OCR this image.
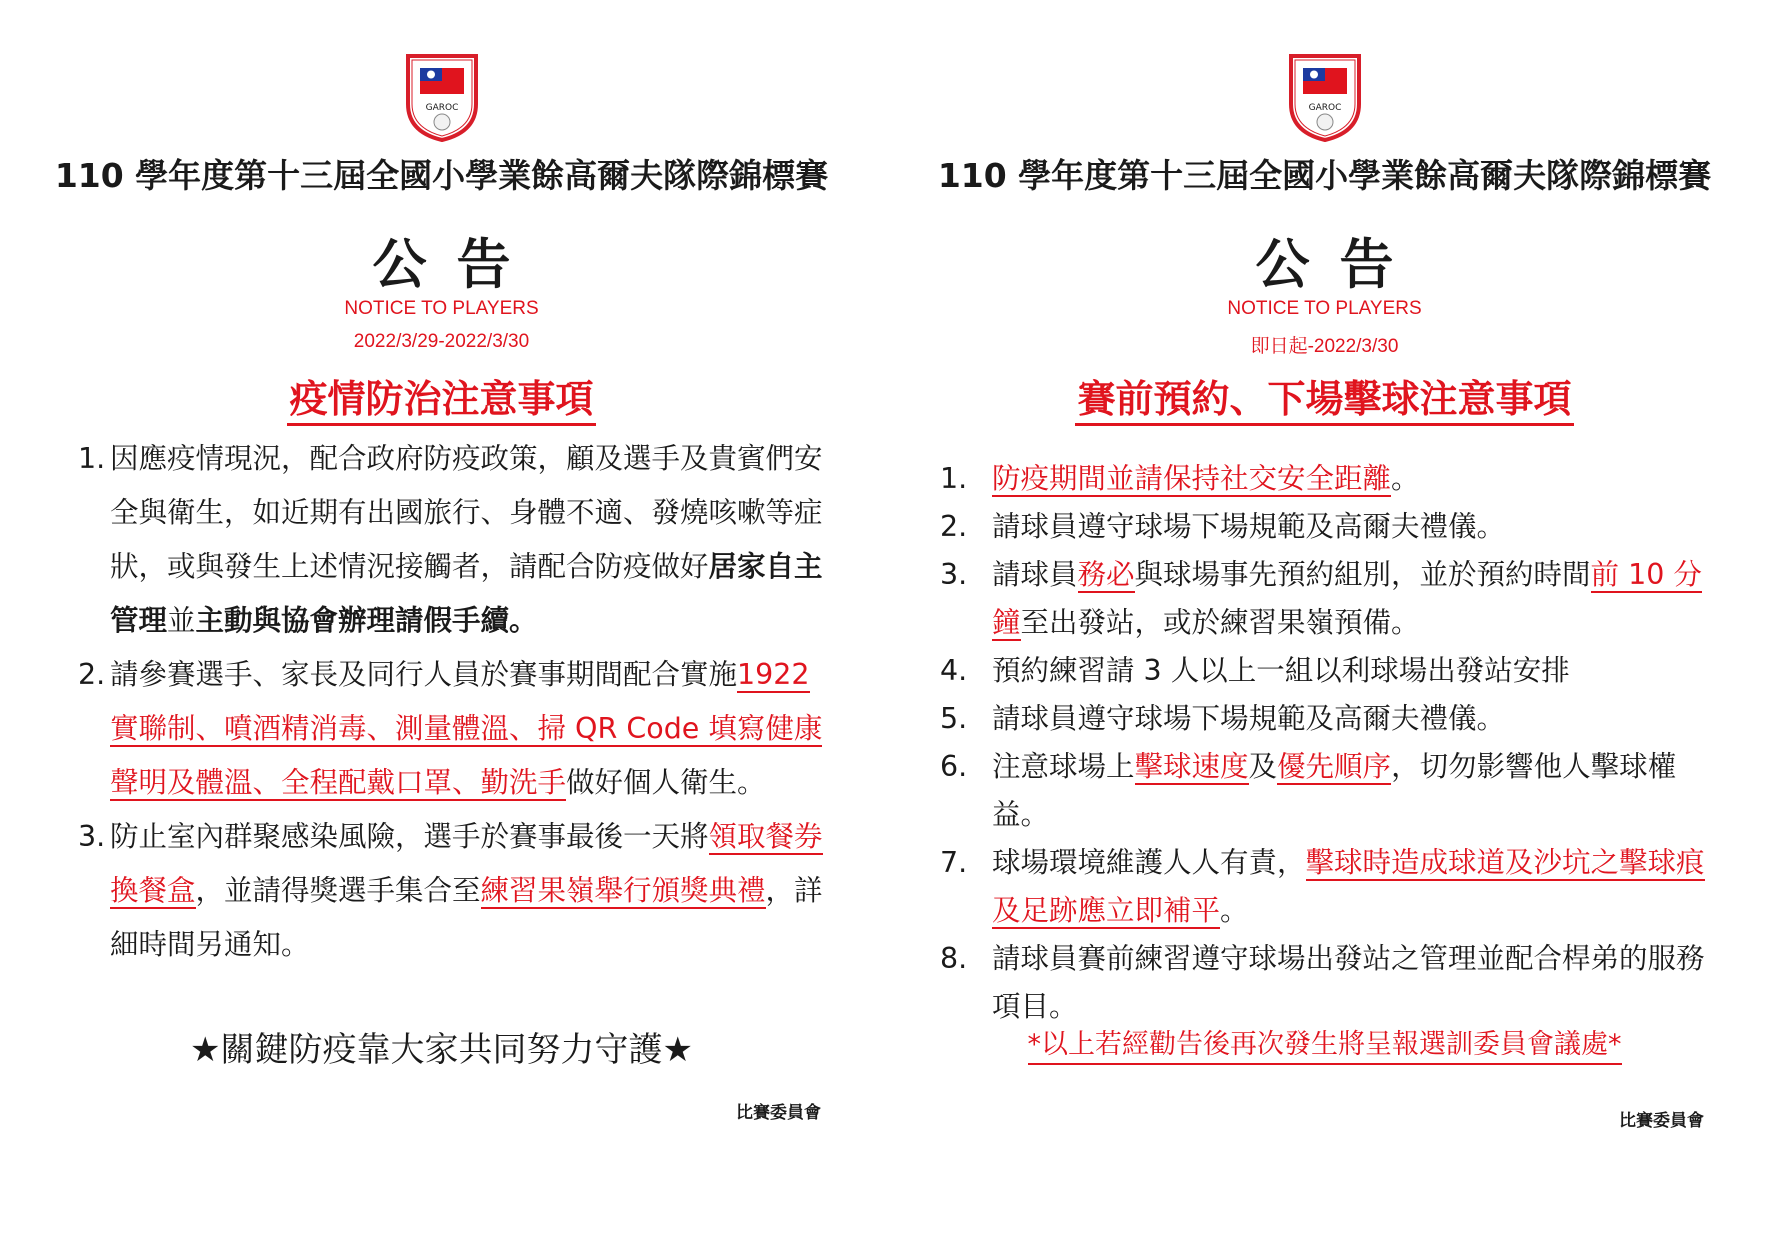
GAROC
110 學年度第十三屆全國小學業餘高爾夫隊際錦標賽
公告
NOTICE TO PLAYERS
2022/3/29-2022/3/30
疫情防治注意事項
1. 因應疫情現況，配合政府防疫政策，顧及選手及貴賓們安全與衛生，如近期有出國旅行、身體不適、發燒咳嗽等症狀，或與發生上述情況接觸者，請配合防疫做好居家自主管理並主動與協會辦理請假手續。
2. 請參賽選手、家長及同行人員於賽事期間配合實施1922 實聯制、噴酒精消毒、測量體溫、掃 QR Code 填寫健康聲明及體溫、全程配戴口罩、勤洗手做好個人衛生。
3. 防止室內群聚感染風險，選手於賽事最後一天將領取餐券換餐盒，並請得獎選手集合至練習果嶺舉行頒獎典禮，詳細時間另通知。
★關鍵防疫靠大家共同努力守護★
比賽委員會
GAROC
110 學年度第十三屆全國小學業餘高爾夫隊際錦標賽
公告
NOTICE TO PLAYERS
即日起-2022/3/30
賽前預約、下場擊球注意事項
1. 防疫期間並請保持社交安全距離。
2. 請球員遵守球場下場規範及高爾夫禮儀。
3. 請球員務必與球場事先預約組別，並於預約時間前 10 分鐘至出發站，或於練習果嶺預備。
4. 預約練習請 3 人以上一組以利球場出發站安排
5. 請球員遵守球場下場規範及高爾夫禮儀。
6. 注意球場上擊球速度及優先順序，切勿影響他人擊球權益。
7. 球場環境維護人人有責，擊球時造成球道及沙坑之擊球痕及足跡應立即補平。
8. 請球員賽前練習遵守球場出發站之管理並配合桿弟的服務項目。
*以上若經勸告後再次發生將呈報選訓委員會議處*
比賽委員會
